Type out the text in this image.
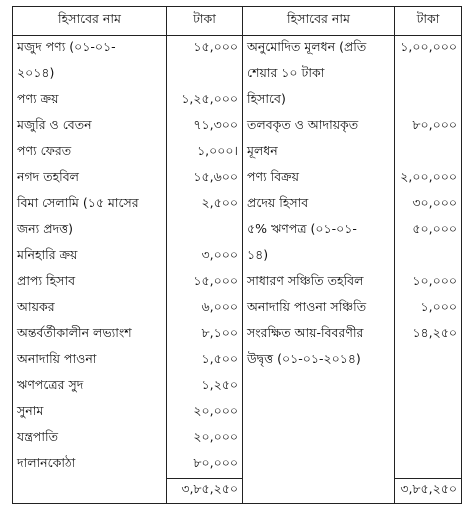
হিসাবের নাম	টাকা	হিসাবের নাম	টাকা
মজুদ পণ্য (০১-০১-	১৫,০০০	অনুমোদিত মূলধন (প্রতি	১,০০,০০০
২০১৪)		শেয়ার ১০ টাকা	
পণ্য ক্রয়	১,২৫,০০০	হিসাবে)	
মজুরি ও বেতন	৭১,৩০০	তলবকৃত ও আদায়কৃত	৮০,০০০
পণ্য ফেরত	১,০০০।	মূলধন	
নগদ তহবিল	১৫,৬০০	পণ্য বিক্রয়	২,০০,০০০
বিমা সেলামি (১৫ মাসের	২,৫০০	প্রদেয় হিসাব	৩০,০০০
জন্য প্রদত্ত)		৫% ঋণপত্র (০১-০১-	৫০,০০০
মনিহারি ক্রয়	৩,০০০	১৪)	
প্রাপ্য হিসাব	১৫,০০০	সাধারণ সঞ্চিতি তহবিল	১০,০০০
আয়কর	৬,০০০	অনাদায়ি পাওনা সঞ্চিতি	১,০০০
অন্তর্বর্তীকালীন লভ্যাংশ	৮,১০০	সংরক্ষিত আয়-বিবরণীর	১৪,২৫০
অনাদায়ি পাওনা	১,৫০০	উদ্বৃত্ত (০১-০১-২০১৪)	
ঋণপত্রের সুদ	১,২৫০		
সুনাম	২০,০০০		
যন্ত্রপাতি	২০,০০০		
দালানকোঠা	৮০,০০০		
	৩,৮৫,২৫০		৩,৮৫,২৫০
